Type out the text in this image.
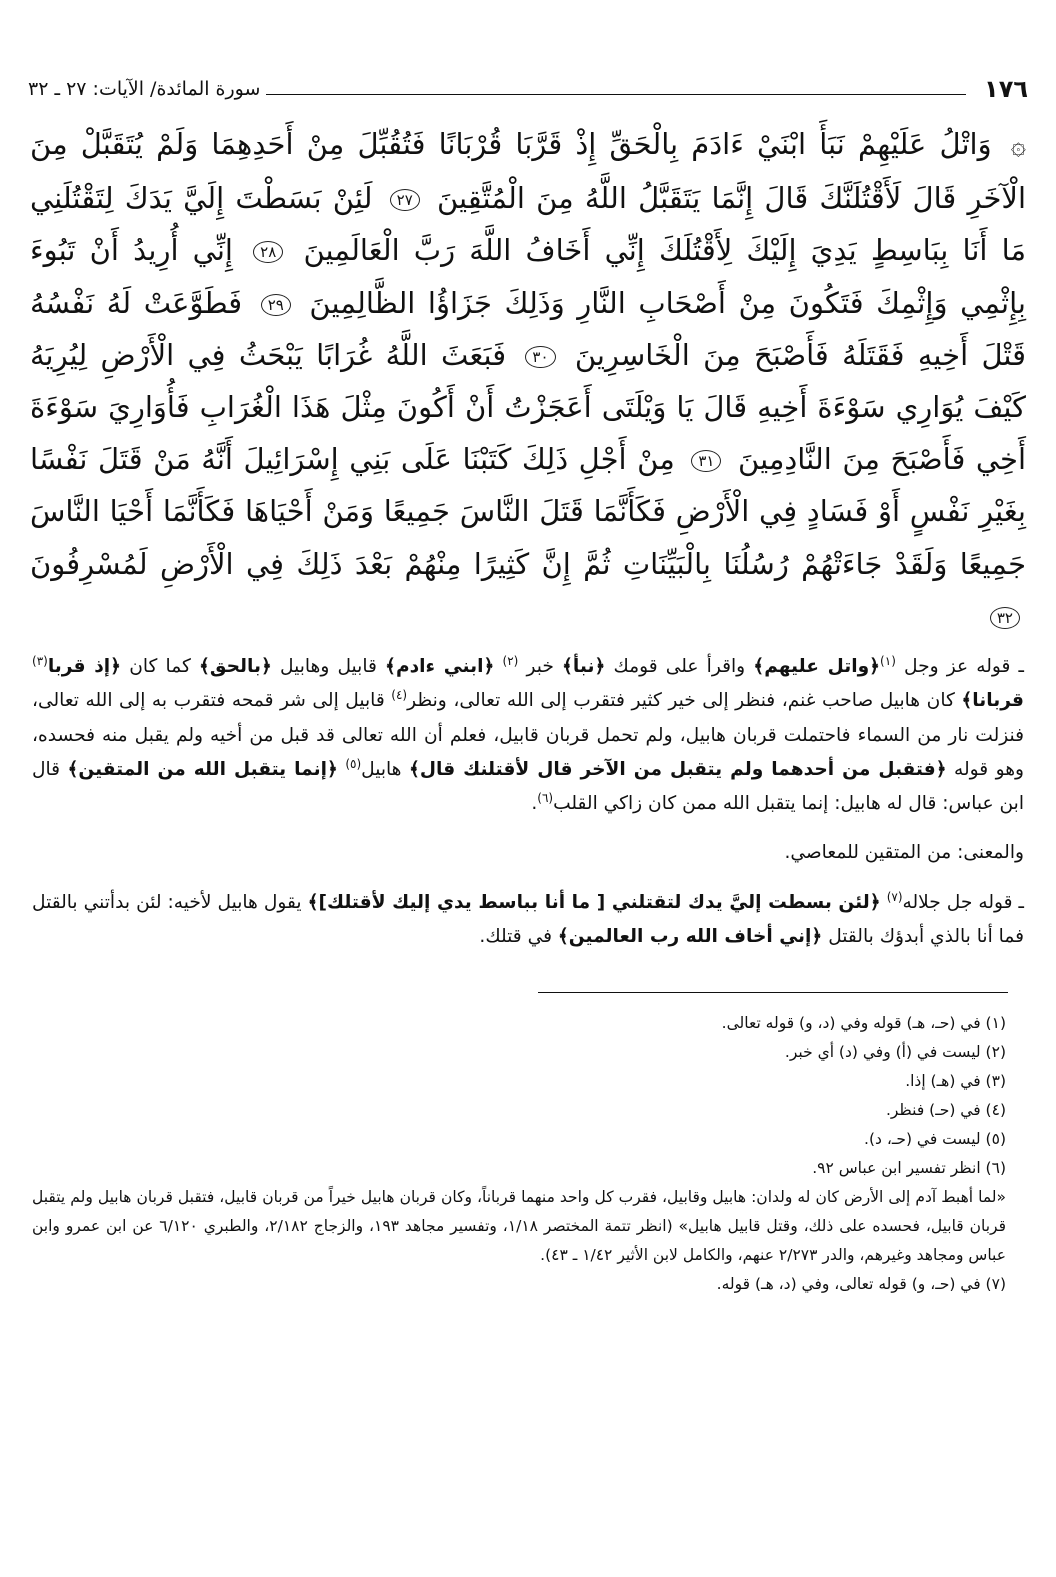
١٧٦
سورة المائدة/ الآيات: ٢٧ ـ ٣٢
۞ وَاتْلُ عَلَيْهِمْ نَبَأَ ابْنَيْ ءَادَمَ بِالْحَقِّ إِذْ قَرَّبَا قُرْبَانًا فَتُقُبِّلَ مِنْ أَحَدِهِمَا وَلَمْ يُتَقَبَّلْ مِنَ الْآخَرِ قَالَ لَأَقْتُلَنَّكَ قَالَ إِنَّمَا يَتَقَبَّلُ اللَّهُ مِنَ الْمُتَّقِينَ ٢٧ لَئِنْ بَسَطْتَ إِلَيَّ يَدَكَ لِتَقْتُلَنِي مَا أَنَا بِبَاسِطٍ يَدِيَ إِلَيْكَ لِأَقْتُلَكَ إِنِّي أَخَافُ اللَّهَ رَبَّ الْعَالَمِينَ ٢٨ إِنِّي أُرِيدُ أَنْ تَبُوءَ بِإِثْمِي وَإِثْمِكَ فَتَكُونَ مِنْ أَصْحَابِ النَّارِ وَذَلِكَ جَزَاؤُا الظَّالِمِينَ ٢٩ فَطَوَّعَتْ لَهُ نَفْسُهُ قَتْلَ أَخِيهِ فَقَتَلَهُ فَأَصْبَحَ مِنَ الْخَاسِرِينَ ٣٠ فَبَعَثَ اللَّهُ غُرَابًا يَبْحَثُ فِي الْأَرْضِ لِيُرِيَهُ كَيْفَ يُوَارِي سَوْءَةَ أَخِيهِ قَالَ يَا وَيْلَتَى أَعَجَزْتُ أَنْ أَكُونَ مِثْلَ هَذَا الْغُرَابِ فَأُوَارِيَ سَوْءَةَ أَخِي فَأَصْبَحَ مِنَ النَّادِمِينَ ٣١ مِنْ أَجْلِ ذَلِكَ كَتَبْنَا عَلَى بَنِي إِسْرَائِيلَ أَنَّهُ مَنْ قَتَلَ نَفْسًا بِغَيْرِ نَفْسٍ أَوْ فَسَادٍ فِي الْأَرْضِ فَكَأَنَّمَا قَتَلَ النَّاسَ جَمِيعًا وَمَنْ أَحْيَاهَا فَكَأَنَّمَا أَحْيَا النَّاسَ جَمِيعًا وَلَقَدْ جَاءَتْهُمْ رُسُلُنَا بِالْبَيِّنَاتِ ثُمَّ إِنَّ كَثِيرًا مِنْهُمْ بَعْدَ ذَلِكَ فِي الْأَرْضِ لَمُسْرِفُونَ ٣٢

ـ قوله عز وجل $^{(١)}$﴿واتل عليهم﴾ واقرأ على قومك ﴿نبأ﴾ خبر $^{(٢)}$ ﴿ابني ءادم﴾ قابيل وهابيل ﴿بالحق﴾ كما كان ﴿إذ قربا$^{(٣)}$ قربانا﴾ كان هابيل صاحب غنم، فنظر إلى خير كثير فتقرب إلى الله تعالى، ونظر$^{(٤)}$ قابيل إلى شر قمحه فتقرب به إلى الله تعالى، فنزلت نار من السماء فاحتملت قربان هابيل، ولم تحمل قربان قابيل، فعلم أن الله تعالى قد قبل من أخيه ولم يقبل منه فحسده، وهو قوله ﴿فتقبل من أحدهما ولم يتقبل من الآخر قال لأقتلنك قال﴾ هابيل$^{(٥)}$ ﴿إنما يتقبل الله من المتقين﴾ قال ابن عباس: قال له هابيل: إنما يتقبل الله ممن كان زاكي القلب$^{(٦)}$.

والمعنى: من المتقين للمعاصي.

ـ قوله جل جلاله$^{(٧)}$ ﴿لئن بسطت إليَّ يدك لتقتلني [ ما أنا بباسط يدي إليك لأقتلك]﴾ يقول هابيل لأخيه: لئن بدأتني بالقتل فما أنا بالذي أبدؤك بالقتل ﴿إني أخاف الله رب العالمين﴾ في قتلك.

(١) في (حـ، هـ) قوله وفي (د، و) قوله تعالى.

(٢) ليست في (أ) وفي (د) أي خبر.

(٣) في (هـ) إذا.

(٤) في (حـ) فنظر.

(٥) ليست في (حـ، د).

(٦) انظر تفسير ابن عباس ٩٢.

«لما أهبط آدم إلى الأرض كان له ولدان: هابيل وقابيل، فقرب كل واحد منهما قرباناً، وكان قربان هابيل خيراً من قربان قابيل، فتقبل قربان هابيل ولم يتقبل قربان قابيل، فحسده على ذلك، وقتل قابيل هابيل» (انظر تتمة المختصر ١/١٨، وتفسير مجاهد ١٩٣، والزجاج ٢/١٨٢، والطبري ٦/١٢٠ عن ابن عمرو وابن عباس ومجاهد وغيرهم، والدر ٢/٢٧٣ عنهم، والكامل لابن الأثير ١/٤٢ ـ ٤٣).

(٧) في (حـ، و) قوله تعالى، وفي (د، هـ) قوله.
